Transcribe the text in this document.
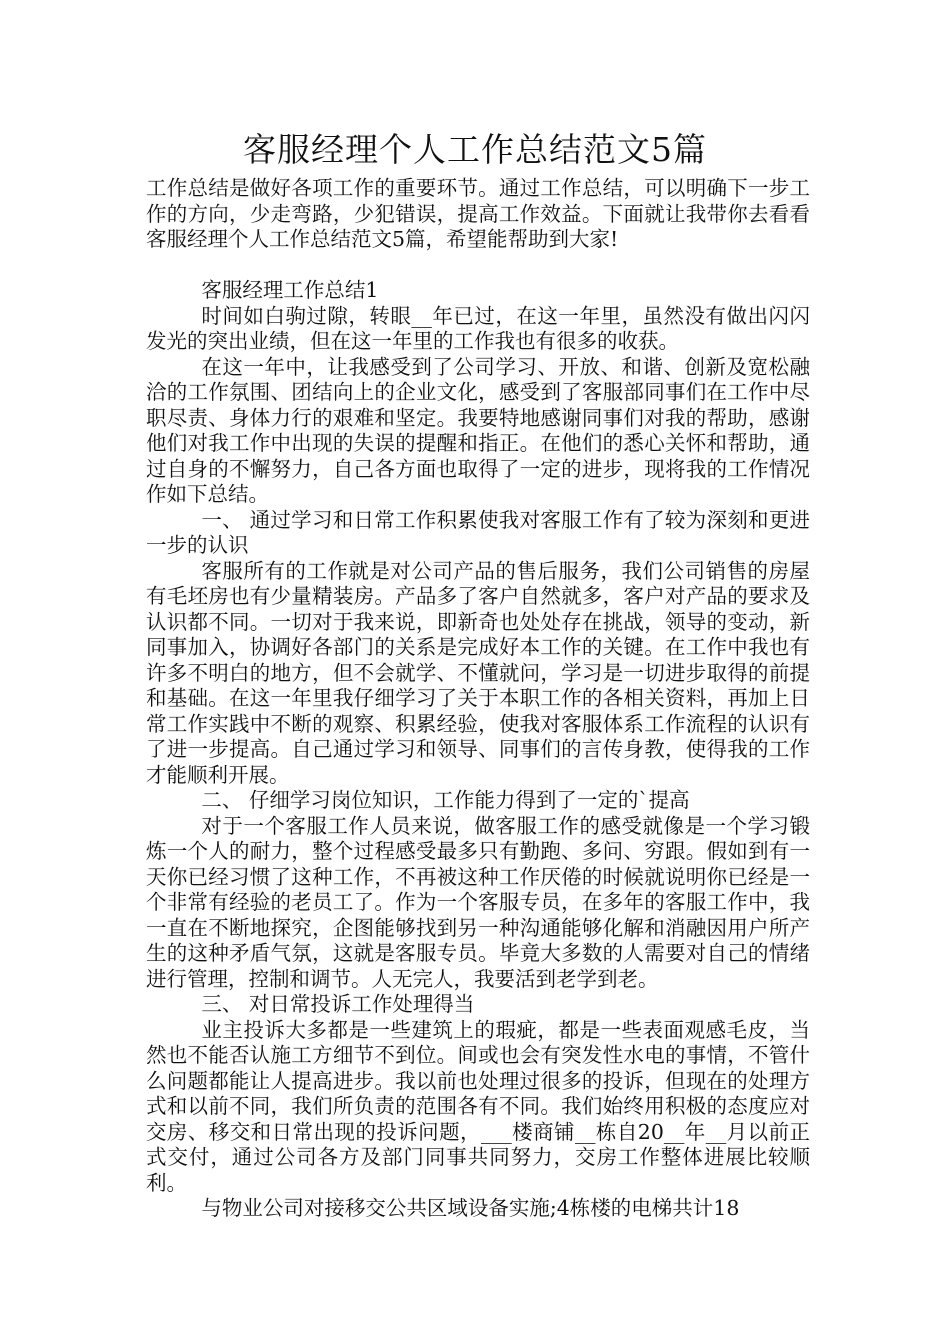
客服经理个人工作总结范文5篇

工作总结是做好各项工作的重要环节。通过工作总结，可以明确下一步工作的方向，少走弯路，少犯错误，提高工作效益。下面就让我带你去看看客服经理个人工作总结范文5篇，希望能帮助到大家!

客服经理工作总结1

时间如白驹过隙，转眼__年已过，在这一年里，虽然没有做出闪闪发光的突出业绩，但在这一年里的工作我也有很多的收获。

在这一年中，让我感受到了公司学习、开放、和谐、创新及宽松融洽的工作氛围、团结向上的企业文化，感受到了客服部同事们在工作中尽职尽责、身体力行的艰难和坚定。我要特地感谢同事们对我的帮助，感谢他们对我工作中出现的失误的提醒和指正。在他们的悉心关怀和帮助，通过自身的不懈努力，自己各方面也取得了一定的进步，现将我的工作情况作如下总结。

一、 通过学习和日常工作积累使我对客服工作有了较为深刻和更进一步的认识

客服所有的工作就是对公司产品的售后服务，我们公司销售的房屋有毛坯房也有少量精装房。产品多了客户自然就多，客户对产品的要求及认识都不同。一切对于我来说，即新奇也处处存在挑战，领导的变动，新同事加入，协调好各部门的关系是完成好本工作的关键。在工作中我也有许多不明白的地方，但不会就学、不懂就问，学习是一切进步取得的前提和基础。在这一年里我仔细学习了关于本职工作的各相关资料，再加上日常工作实践中不断的观察、积累经验，使我对客服体系工作流程的认识有了进一步提高。自己通过学习和领导、同事们的言传身教，使得我的工作才能顺利开展。

二、 仔细学习岗位知识，工作能力得到了一定的`提高

对于一个客服工作人员来说，做客服工作的感受就像是一个学习锻炼一个人的耐力，整个过程感受最多只有勤跑、多问、穷跟。假如到有一天你已经习惯了这种工作，不再被这种工作厌倦的时候就说明你已经是一个非常有经验的老员工了。作为一个客服专员，在多年的客服工作中，我一直在不断地探究，企图能够找到另一种沟通能够化解和消融因用户所产生的这种矛盾气氛，这就是客服专员。毕竟大多数的人需要对自己的情绪进行管理，控制和调节。人无完人，我要活到老学到老。

三、 对日常投诉工作处理得当

业主投诉大多都是一些建筑上的瑕疵，都是一些表面观感毛皮，当然也不能否认施工方细节不到位。间或也会有突发性水电的事情，不管什么问题都能让人提高进步。我以前也处理过很多的投诉，但现在的处理方式和以前不同，我们所负责的范围各有不同。我们始终用积极的态度应对交房、移交和日常出现的投诉问题，___楼商铺__栋自20__年__月以前正式交付，通过公司各方及部门同事共同努力，交房工作整体进展比较顺利。

与物业公司对接移交公共区域设备实施;4栋楼的电梯共计18
